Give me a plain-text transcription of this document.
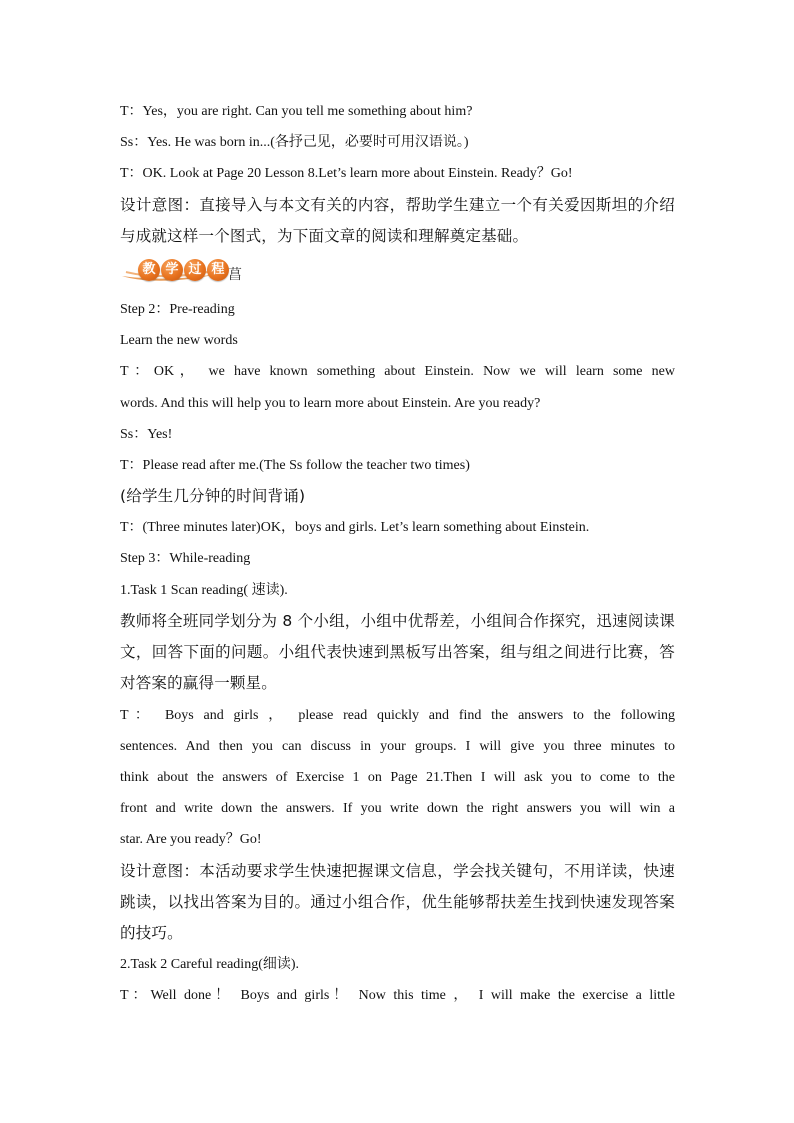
T：Yes，you are right. Can you tell me something about him?
Ss：Yes. He was born in...(各抒己见，必要时可用汉语说。)
T：OK. Look at Page 20 Lesson 8.Let’s learn more about Einstein. Ready？Go!
设计意图：直接导入与本文有关的内容，帮助学生建立一个有关爱因斯坦的介绍
与成就这样一个图式，为下面文章的阅读和理解奠定基础。
教 学 过 程 菖
Step 2：Pre-reading
Learn the new words
T：OK， we have known something about Einstein. Now we will learn some new
words. And this will help you to learn more about Einstein. Are you ready?
Ss：Yes!
T：Please read after me.(The Ss follow the teacher two times)
(给学生几分钟的时间背诵)
T：(Three minutes later)OK，boys and girls. Let’s learn something about Einstein.
Step 3：While-reading
1.Task 1 Scan reading( 速读).
教师将全班同学划分为 8 个小组，小组中优帮差，小组间合作探究，迅速阅读课
文，回答下面的问题。小组代表快速到黑板写出答案，组与组之间进行比赛，答
对答案的赢得一颗星。
T： Boys and girls ， please read quickly and find the answers to the following
sentences. And then you can discuss in your groups. I will give you three minutes to
think about the answers of Exercise 1 on Page 21.Then I will ask you to come to the
front and write down the answers. If you write down the right answers you will win a
star. Are you ready？Go!
设计意图：本活动要求学生快速把握课文信息，学会找关键句，不用详读，快速
跳读，以找出答案为目的。通过小组合作，优生能够帮扶差生找到快速发现答案
的技巧。
2.Task 2 Careful reading(细读).
T：Well done！ Boys and girls！ Now this time ， I will make the exercise a little
